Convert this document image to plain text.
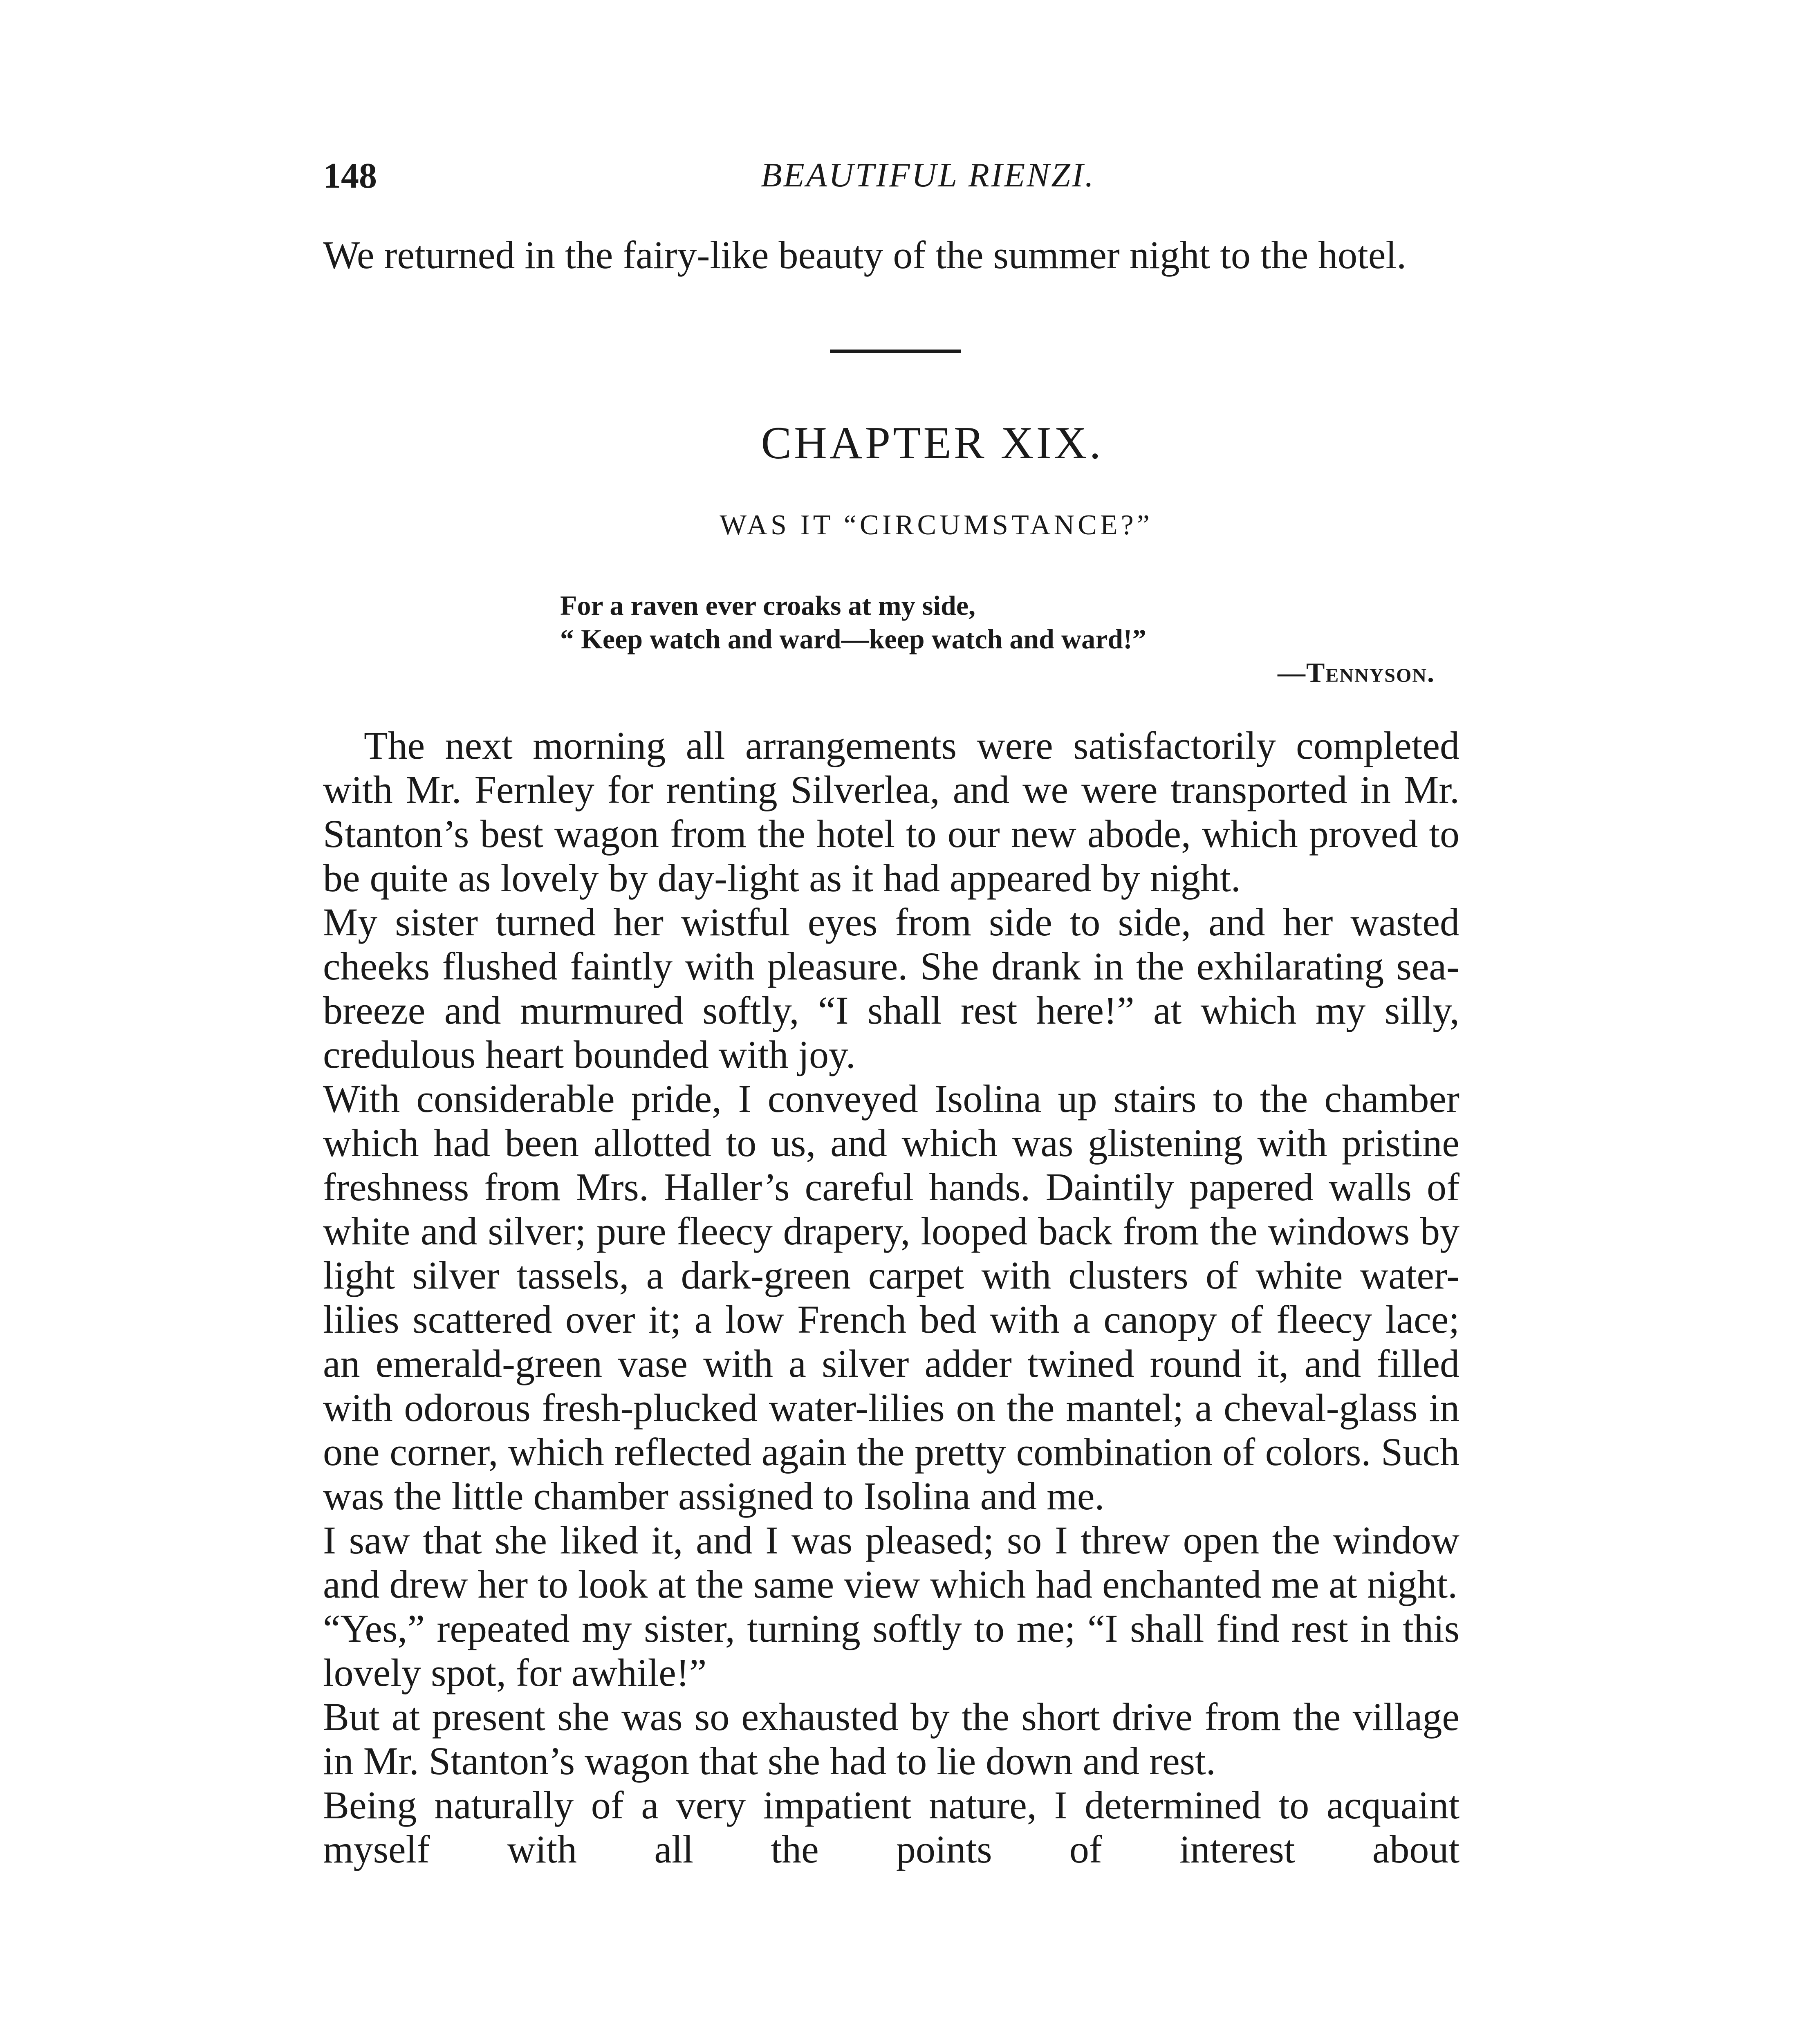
148	BEAUTIFUL RIENZI.
We returned in the fairy-like beauty of the summer night to the hotel.
CHAPTER XIX.
WAS IT “CIRCUMSTANCE?”
For a raven ever croaks at my side,
“ Keep watch and ward—keep watch and ward!”
—Tennyson.

The next morning all arrangements were satisfactorily completed with Mr. Fernley for renting Silverlea, and we were transported in Mr. Stanton’s best wagon from the hotel to our new abode, which proved to be quite as lovely by day-light as it had appeared by night.

My sister turned her wistful eyes from side to side, and her wasted cheeks flushed faintly with pleasure. She drank in the exhilarating sea-breeze and murmured softly, “I shall rest here!” at which my silly, credulous heart bounded with joy.

With considerable pride, I conveyed Isolina up stairs to the chamber which had been allotted to us, and which was glistening with pristine freshness from Mrs. Haller’s careful hands. Daintily papered walls of white and silver; pure fleecy drapery, looped back from the windows by light silver tassels, a dark-green carpet with clusters of white water-lilies scattered over it; a low French bed with a canopy of fleecy lace; an emerald-green vase with a silver adder twined round it, and filled with odorous fresh-plucked water-lilies on the mantel; a cheval-glass in one corner, which reflected again the pretty combination of colors. Such was the little chamber assigned to Isolina and me.

I saw that she liked it, and I was pleased; so I threw open the window and drew her to look at the same view which had enchanted me at night.

“Yes,” repeated my sister, turning softly to me; “I shall find rest in this lovely spot, for awhile!”

But at present she was so exhausted by the short drive from the village in Mr. Stanton’s wagon that she had to lie down and rest.

Being naturally of a very impatient nature, I determined to acquaint myself with all the points of interest about
